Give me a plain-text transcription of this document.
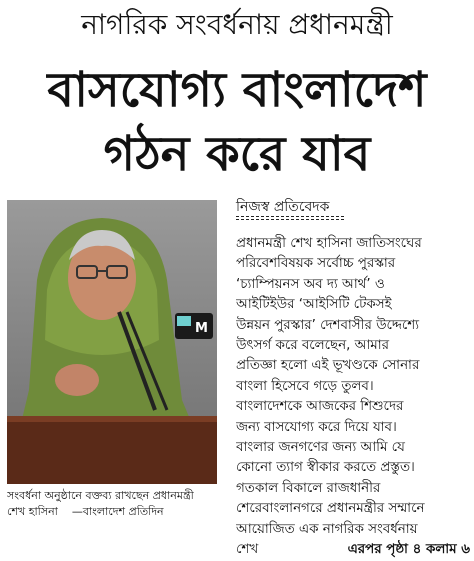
নাগরিক সংবর্ধনায় প্রধানমন্ত্রী
বাসযোগ্য বাংলাদেশ
গঠন করে যাব
M
সংবর্ধনা অনুষ্ঠানে বক্তব্য রাখছেন প্রধানমন্ত্রী
শেখ হাসিনা —বাংলাদেশ প্রতিদিন
নিজস্ব প্রতিবেদক
প্রধানমন্ত্রী শেখ হাসিনা জাতিসংঘের
পরিবেশবিষয়ক সর্বোচ্চ পুরস্কার
‘চ্যাম্পিয়নস অব দ্য আর্থ’ ও
আইটিইউর ‘আইসিটি টেকসই
উন্নয়ন পুরস্কার’ দেশবাসীর উদ্দেশ্যে
উৎসর্গ করে বলেছেন, আমার
প্রতিজ্ঞা হলো এই ভূখণ্ডকে সোনার
বাংলা হিসেবে গড়ে তুলব।
বাংলাদেশকে আজকের শিশুদের
জন্য বাসযোগ্য করে দিয়ে যাব।
বাংলার জনগণের জন্য আমি যে
কোনো ত্যাগ স্বীকার করতে প্রস্তুত।
গতকাল বিকালে রাজধানীর
শেরেবাংলানগরে প্রধানমন্ত্রীর সম্মানে
আয়োজিত এক নাগরিক সংবর্ধনায়
শেখ	এরপর পৃষ্ঠা ৪ কলাম ৬
